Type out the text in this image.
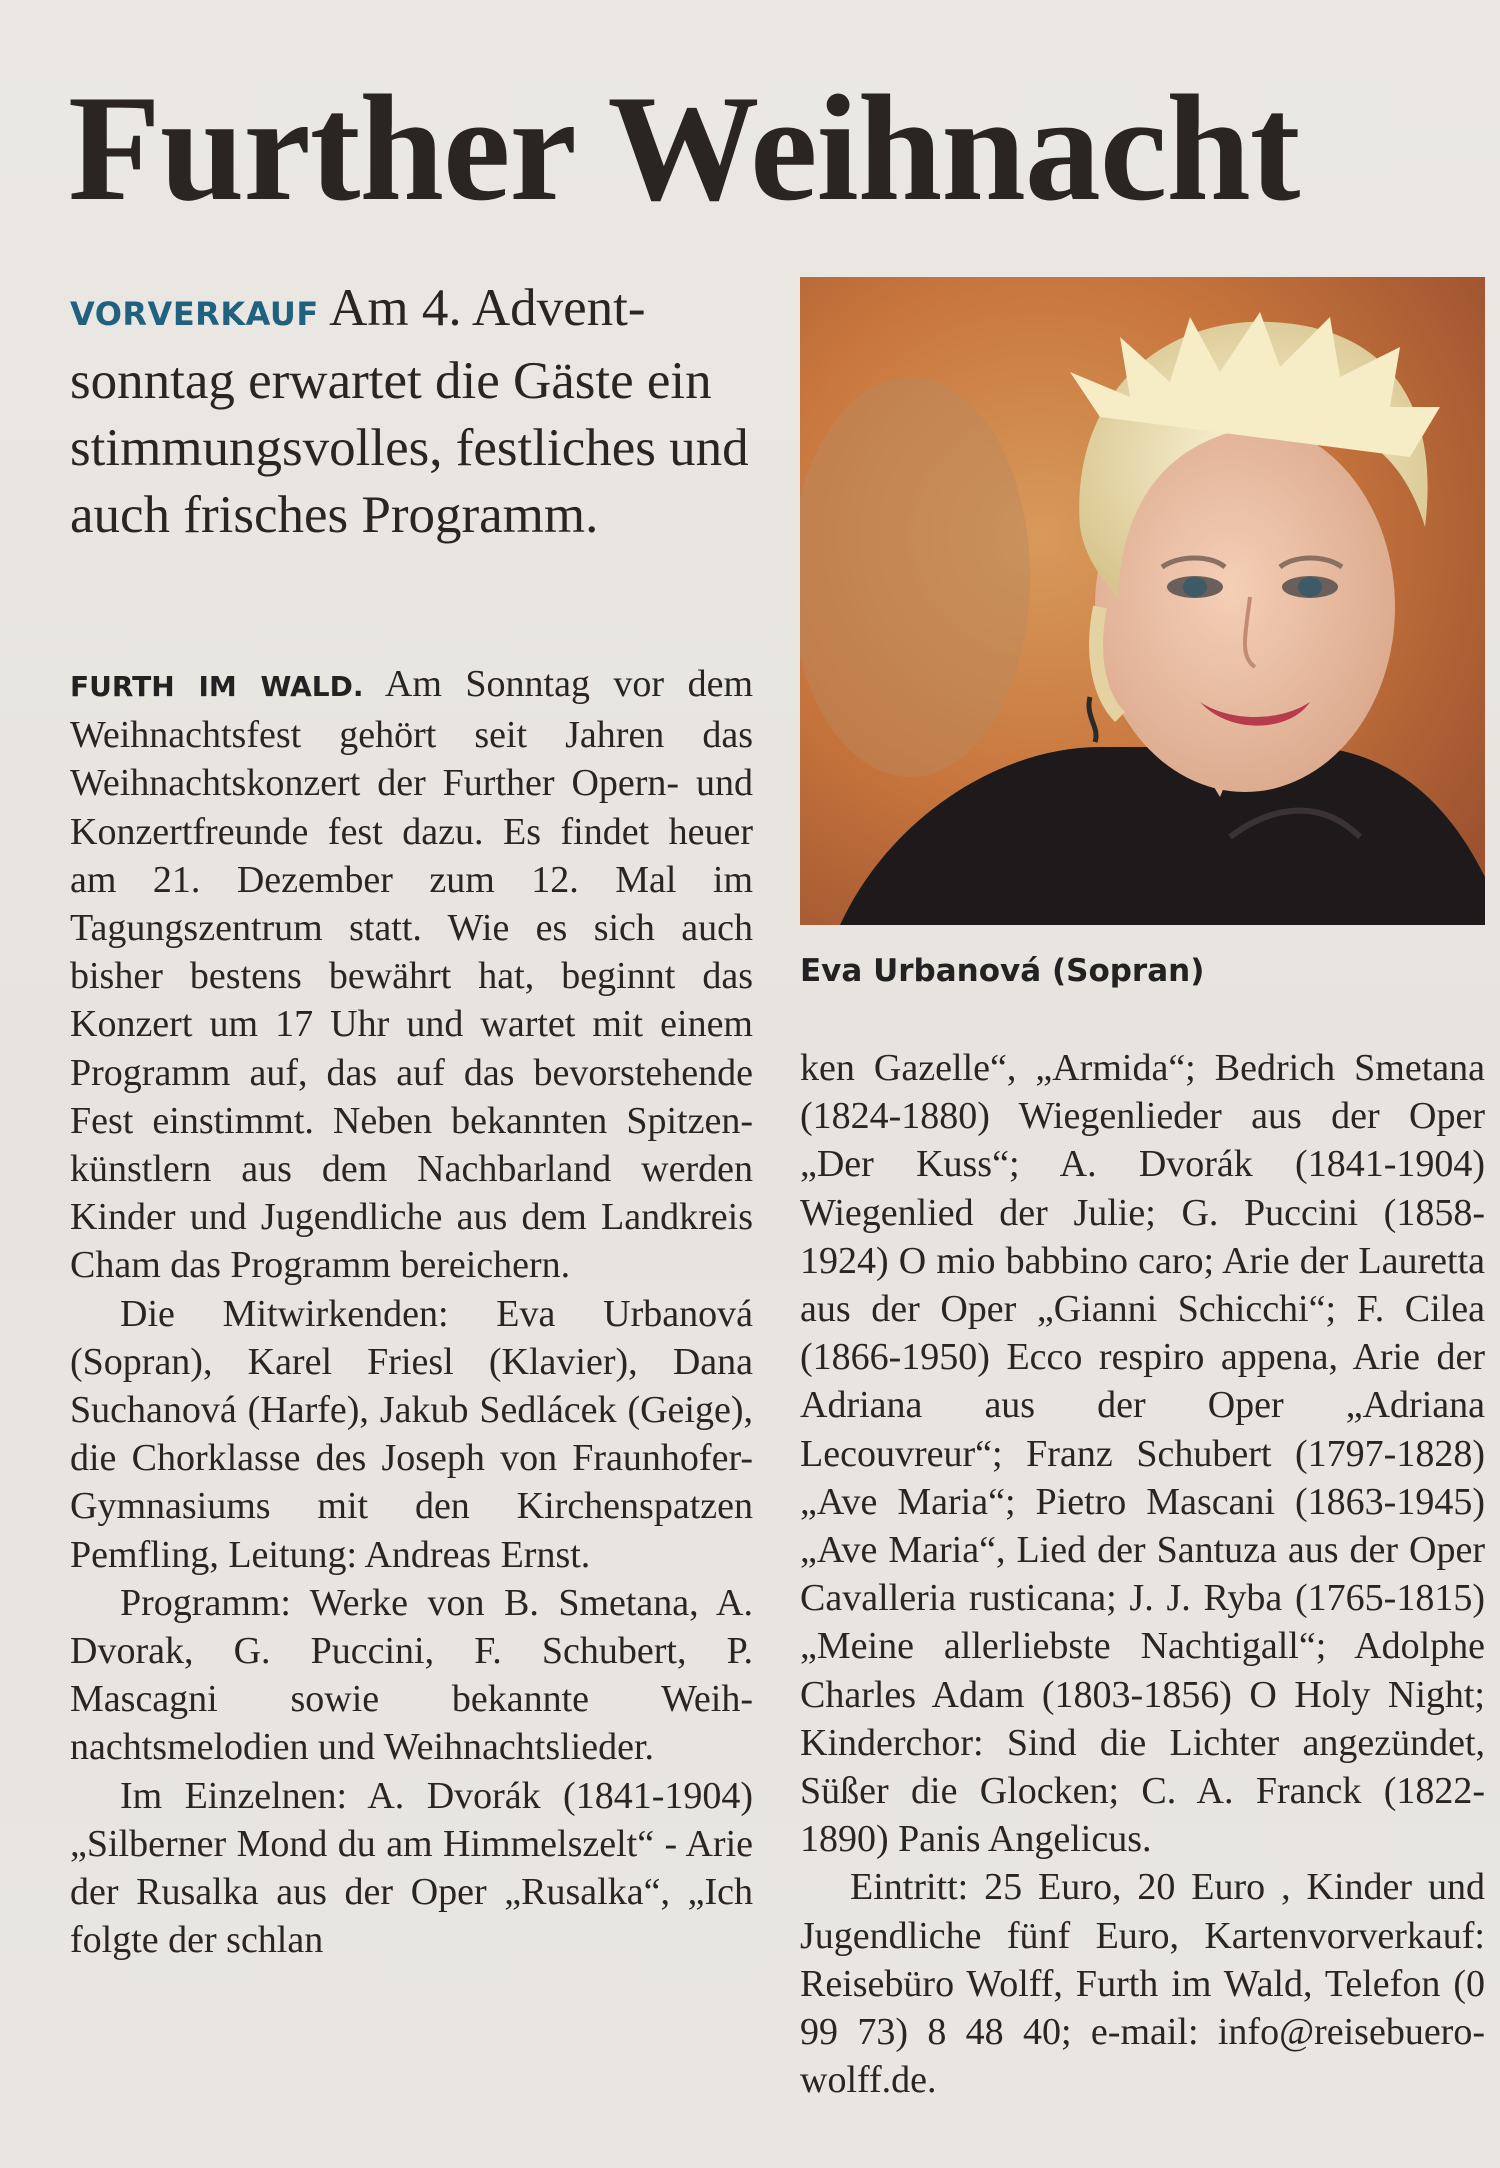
Further Weihnacht
VORVERKAUF Am 4. Adventsonntag erwartet die Gäste ein stimmungsvolles, festliches und auch frisches Programm.
Eva Urbanová (Sopran)

FURTH IM WALD. Am Sonntag vor dem Weihnachtsfest gehört seit Jahren das Weihnachtskonzert der Further Opern- und Konzertfreunde fest dazu. Es findet heuer am 21. Dezember zum 12. Mal im Tagungszentrum statt. Wie es sich auch bisher bestens bewährt hat, beginnt das Konzert um 17 Uhr und wartet mit einem Programm auf, das auf das bevorstehende Fest einstimmt. Neben bekannten Spitzenkünstlern aus dem Nachbarland werden Kinder und Jugendliche aus dem Landkreis Cham das Programm bereichern.

Die Mitwirkenden: Eva Urbanová (Sopran), Karel Friesl (Klavier), Dana Suchanová (Harfe), Jakub Sedlácek (Geige), die Chorklasse des Joseph von Fraunhofer-Gymnasiums mit den Kirchenspatzen Pemfling, Leitung: Andreas Ernst.

Programm: Werke von B. Smetana, A. Dvorak, G. Puccini, F. Schubert, P. Mascagni sowie bekannte Weihnachtsmelodien und Weihnachtslieder.

Im Einzelnen: A. Dvorák (1841-1904) „Silberner Mond du am Himmelszelt“ - Arie der Rusalka aus der Oper „Rusalka“, „Ich folgte der schlan

ken Gazelle“, „Armida“; Bedrich Smetana (1824-1880) Wiegenlieder aus der Oper „Der Kuss“; A. Dvorák (1841-1904) Wiegenlied der Julie; G. Puccini (1858-1924) O mio babbino caro; Arie der Lauretta aus der Oper „Gianni Schicchi“; F. Cilea (1866-1950) Ecco respiro appena, Arie der Adriana aus der Oper „Adriana Lecouvreur“; Franz Schubert (1797-1828) „Ave Maria“; Pietro Mascani (1863-1945) „Ave Maria“, Lied der Santuza aus der Oper Cavalleria rusticana; J. J. Ryba (1765-1815) „Meine allerliebste Nachtigall“; Adolphe Charles Adam (1803-1856) O Holy Night; Kinderchor: Sind die Lichter angezündet, Süßer die Glocken; C. A. Franck (1822-1890) Panis Angelicus.

Eintritt: 25 Euro, 20 Euro , Kinder und Jugendliche fünf Euro, Kartenvorverkauf: Reisebüro Wolff, Furth im Wald, Telefon (0 99 73) 8 48 40; e-mail: info@reisebuero-wolff.de.
